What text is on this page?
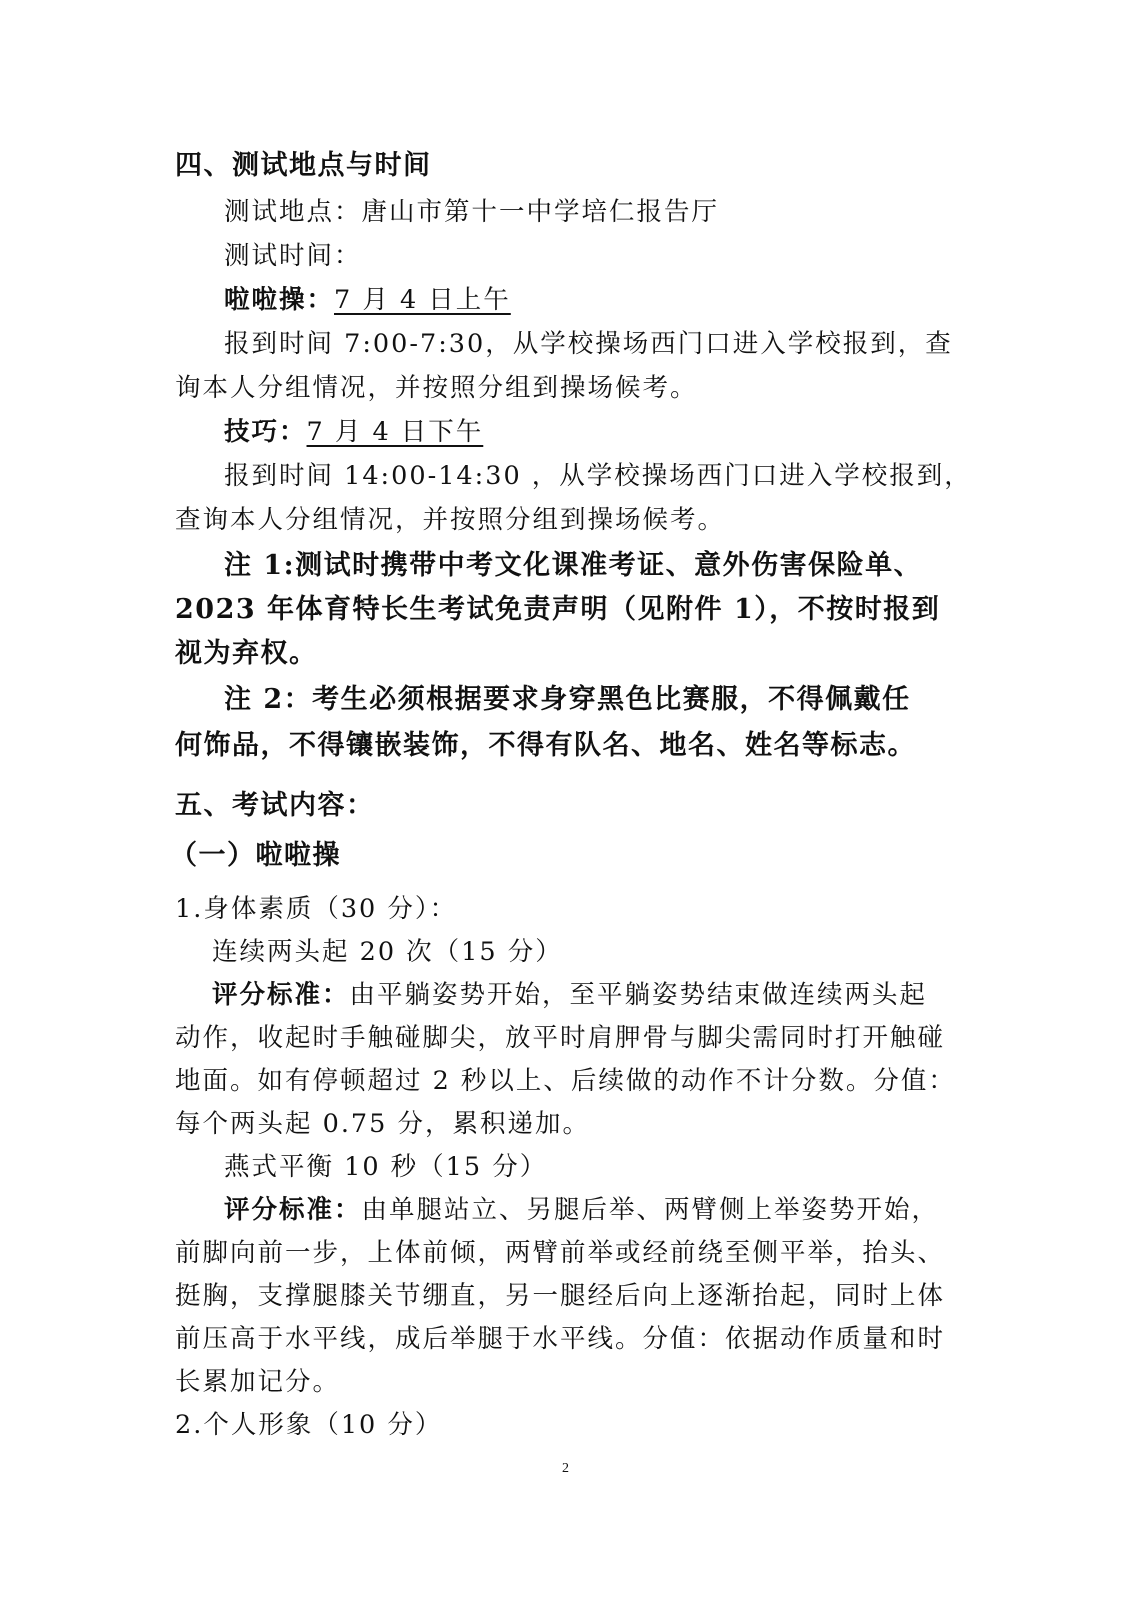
四、测试地点与时间
测试地点：唐山市第十一中学培仁报告厅
测试时间：
啦啦操：7 月 4 日上午
报到时间 7:00-7:30，从学校操场西门口进入学校报到，查
询本人分组情况，并按照分组到操场候考。
技巧：7 月 4 日下午
报到时间 14:00-14:30 ，从学校操场西门口进入学校报到，
查询本人分组情况，并按照分组到操场候考。
注 1:测试时携带中考文化课准考证、意外伤害保险单、
2023 年体育特长生考试免责声明（见附件 1），不按时报到
视为弃权。
注 2：考生必须根据要求身穿黑色比赛服，不得佩戴任
何饰品，不得镶嵌装饰，不得有队名、地名、姓名等标志。
五、考试内容：
（一）啦啦操
1.身体素质（30 分）：
连续两头起 20 次（15 分）
评分标准：由平躺姿势开始，至平躺姿势结束做连续两头起
动作，收起时手触碰脚尖，放平时肩胛骨与脚尖需同时打开触碰
地面。如有停顿超过 2 秒以上、后续做的动作不计分数。分值：
每个两头起 0.75 分，累积递加。
燕式平衡 10 秒（15 分）
评分标准：由单腿站立、另腿后举、两臂侧上举姿势开始，
前脚向前一步，上体前倾，两臂前举或经前绕至侧平举，抬头、
挺胸，支撑腿膝关节绷直，另一腿经后向上逐渐抬起，同时上体
前压高于水平线，成后举腿于水平线。分值：依据动作质量和时
长累加记分。
2.个人形象（10 分）
2
